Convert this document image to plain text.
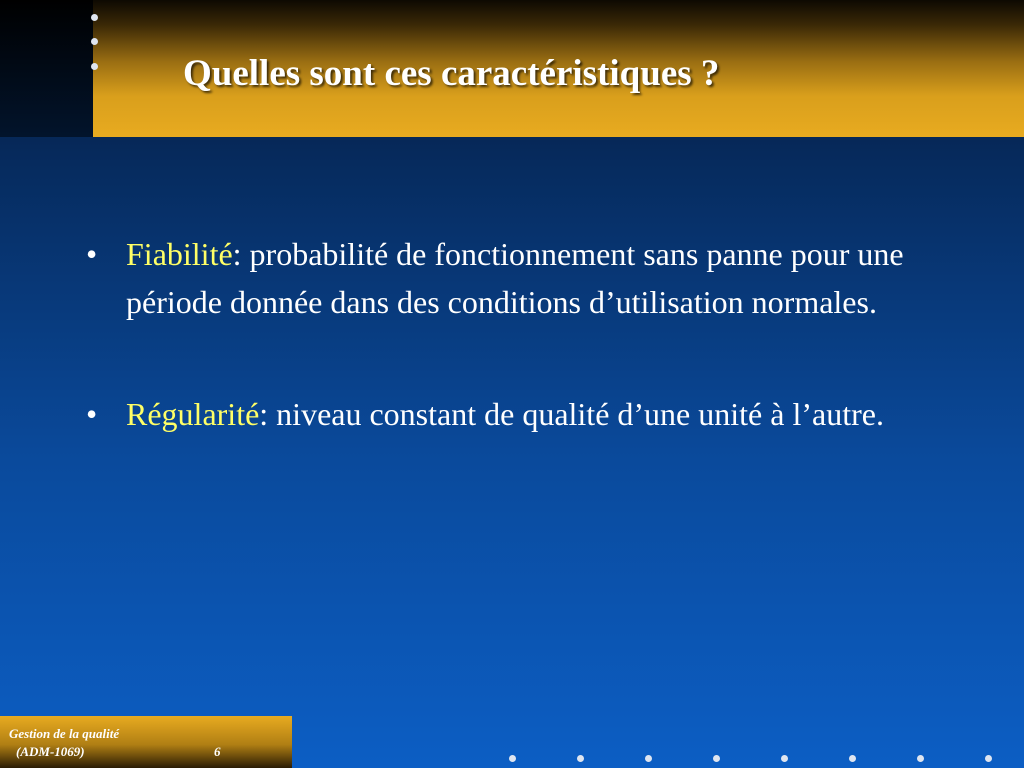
Quelles sont ces caractéristiques ?
• Fiabilité: probabilité de fonctionnement sans panne pour une période donnée dans des conditions d’utilisation normales.
• Régularité: niveau constant de qualité d’une unité à l’autre.
Gestion de la qualité
(ADM-1069)	6
